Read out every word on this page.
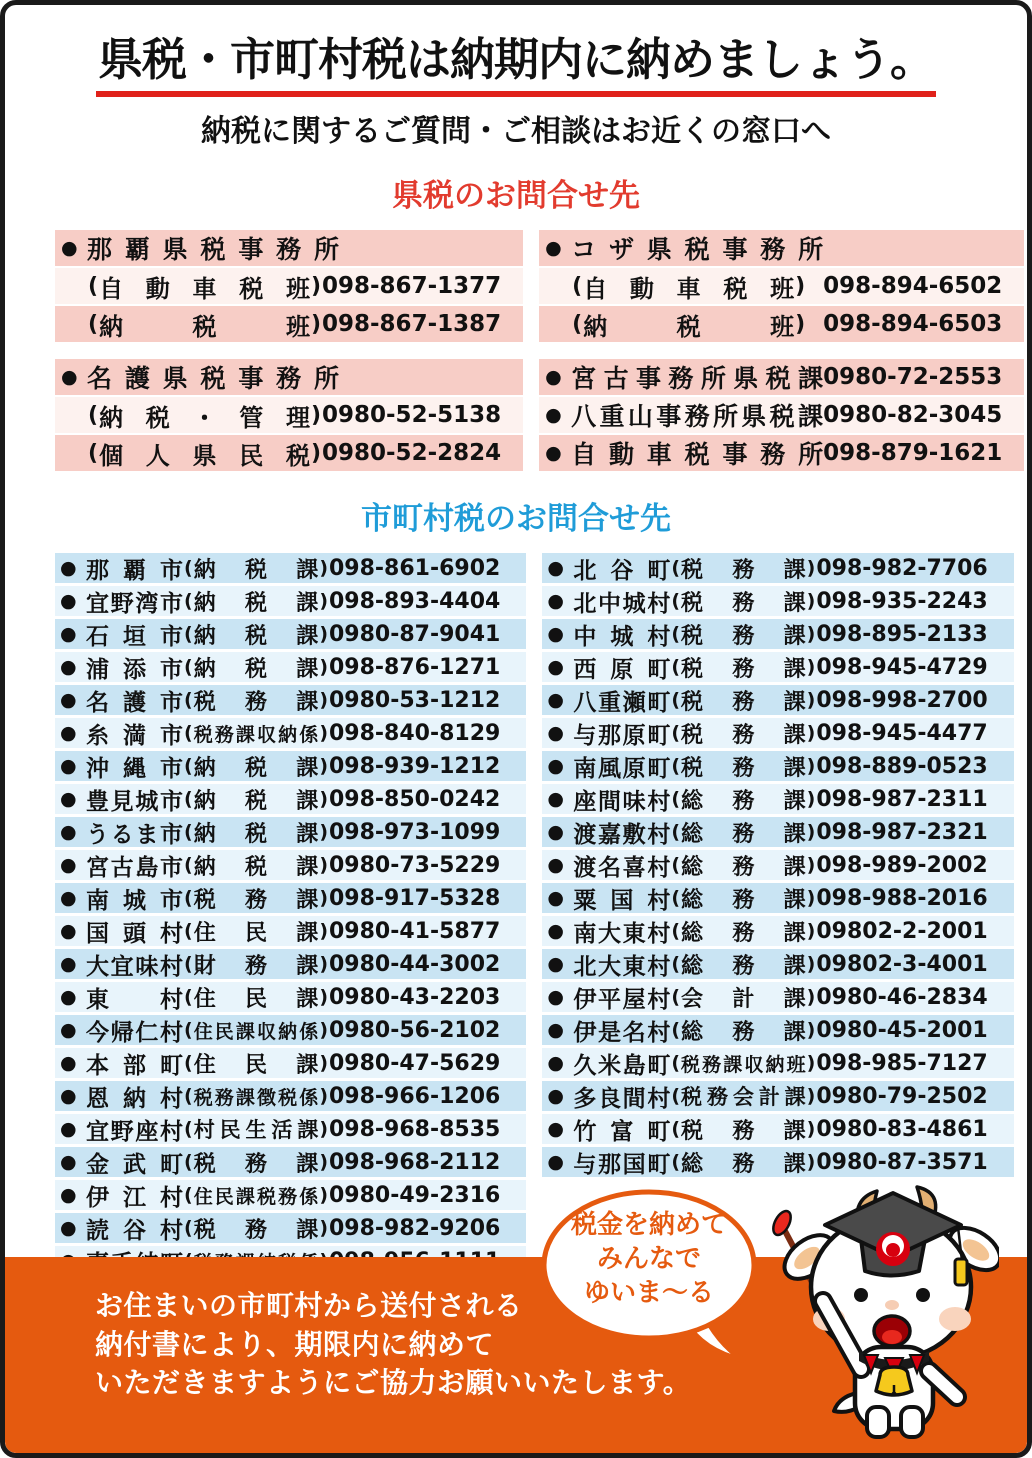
県税・市町村税は納期内に納めましょう。
納税に関するご質問・ご相談はお近くの窓口へ
県税のお問合せ先
● 那 覇 県 税 事 務 所
( 自 動 車 税 班 ) 098-867-1377
( 納	税	班 ) 098-867-1387
● 名 護 県 税 事 務 所
( 納 税 ・ 管 理 ) 0980-52-5138
( 個 人 県 民 税 ) 0980-52-2824
● コ ザ 県 税 事 務 所
( 自 動 車 税 班 ) 098-894-6502
( 納	税	班 ) 098-894-6503
● 宮 古 事 務 所 県 税 課 0980-72-2553
● 八 重 山 事 務 所 県 税 課 0980-82-3045
● 自 動 車 税 事 務 所 098-879-1621
市町村税のお問合せ先
● 那 覇 市 ( 納 税 課 ) 098-861-6902
● 宜 野 湾 市 ( 納 税 課 ) 098-893-4404
● 石 垣 市 ( 納 税 課 ) 0980-87-9041
● 浦 添 市 ( 納 税 課 ) 098-876-1271
● 名 護 市 ( 税 務 課 ) 0980-53-1212
● 糸 満 市 ( 税 務 課 収 納 係 ) 098-840-8129
● 沖 縄 市 ( 納 税 課 ) 098-939-1212
● 豊 見 城 市 ( 納 税 課 ) 098-850-0242
● う る ま 市 ( 納 税 課 ) 098-973-1099
● 宮 古 島 市 ( 納 税 課 ) 0980-73-5229
● 南 城 市 ( 税 務 課 ) 098-917-5328
● 国 頭 村 ( 住 民 課 ) 0980-41-5877
● 大 宜 味 村 ( 財 務 課 ) 0980-44-3002
● 東 村 ( 住 民 課 ) 0980-43-2203
● 今 帰 仁 村 ( 住 民 課 収 納 係 ) 0980-56-2102
● 本 部 町 ( 住 民 課 ) 0980-47-5629
● 恩 納 村 ( 税 務 課 徴 税 係 ) 098-966-1206
● 宜 野 座 村 ( 村 民 生 活 課 ) 098-968-8535
● 金 武 町 ( 税 務 課 ) 098-968-2112
● 伊 江 村 ( 住 民 課 税 務 係 ) 0980-49-2316
● 読 谷 村 ( 税 務 課 ) 098-982-9206
● 北 谷 町 ( 税 務 課 ) 098-982-7706
● 北 中 城 村 ( 税 務 課 ) 098-935-2243
● 中 城 村 ( 税 務 課 ) 098-895-2133
● 西 原 町 ( 税 務 課 ) 098-945-4729
● 八 重 瀬 町 ( 税 務 課 ) 098-998-2700
● 与 那 原 町 ( 税 務 課 ) 098-945-4477
● 南 風 原 町 ( 税 務 課 ) 098-889-0523
● 座 間 味 村 ( 総 務 課 ) 098-987-2311
● 渡 嘉 敷 村 ( 総 務 課 ) 098-987-2321
● 渡 名 喜 村 ( 総 務 課 ) 098-989-2002
● 粟 国 村 ( 総 務 課 ) 098-988-2016
● 南 大 東 村 ( 総 務 課 ) 09802-2-2001
● 北 大 東 村 ( 総 務 課 ) 09802-3-4001
● 伊 平 屋 村 ( 会 計 課 ) 0980-46-2834
● 伊 是 名 村 ( 総 務 課 ) 0980-45-2001
● 久 米 島 町 ( 税 務 課 収 納 班 ) 098-985-7127
● 多 良 間 村 ( 税 務 会 計 課 ) 0980-79-2502
● 竹 富 町 ( 税 務 課 ) 0980-83-4861
● 与 那 国 町 ( 総 務 課 ) 0980-87-3571
お住まいの市町村から送付される
納付書により、期限内に納めて
いただきますようにご協力お願いいたします。
税金を納めて
みんなで
ゆいま〜る
